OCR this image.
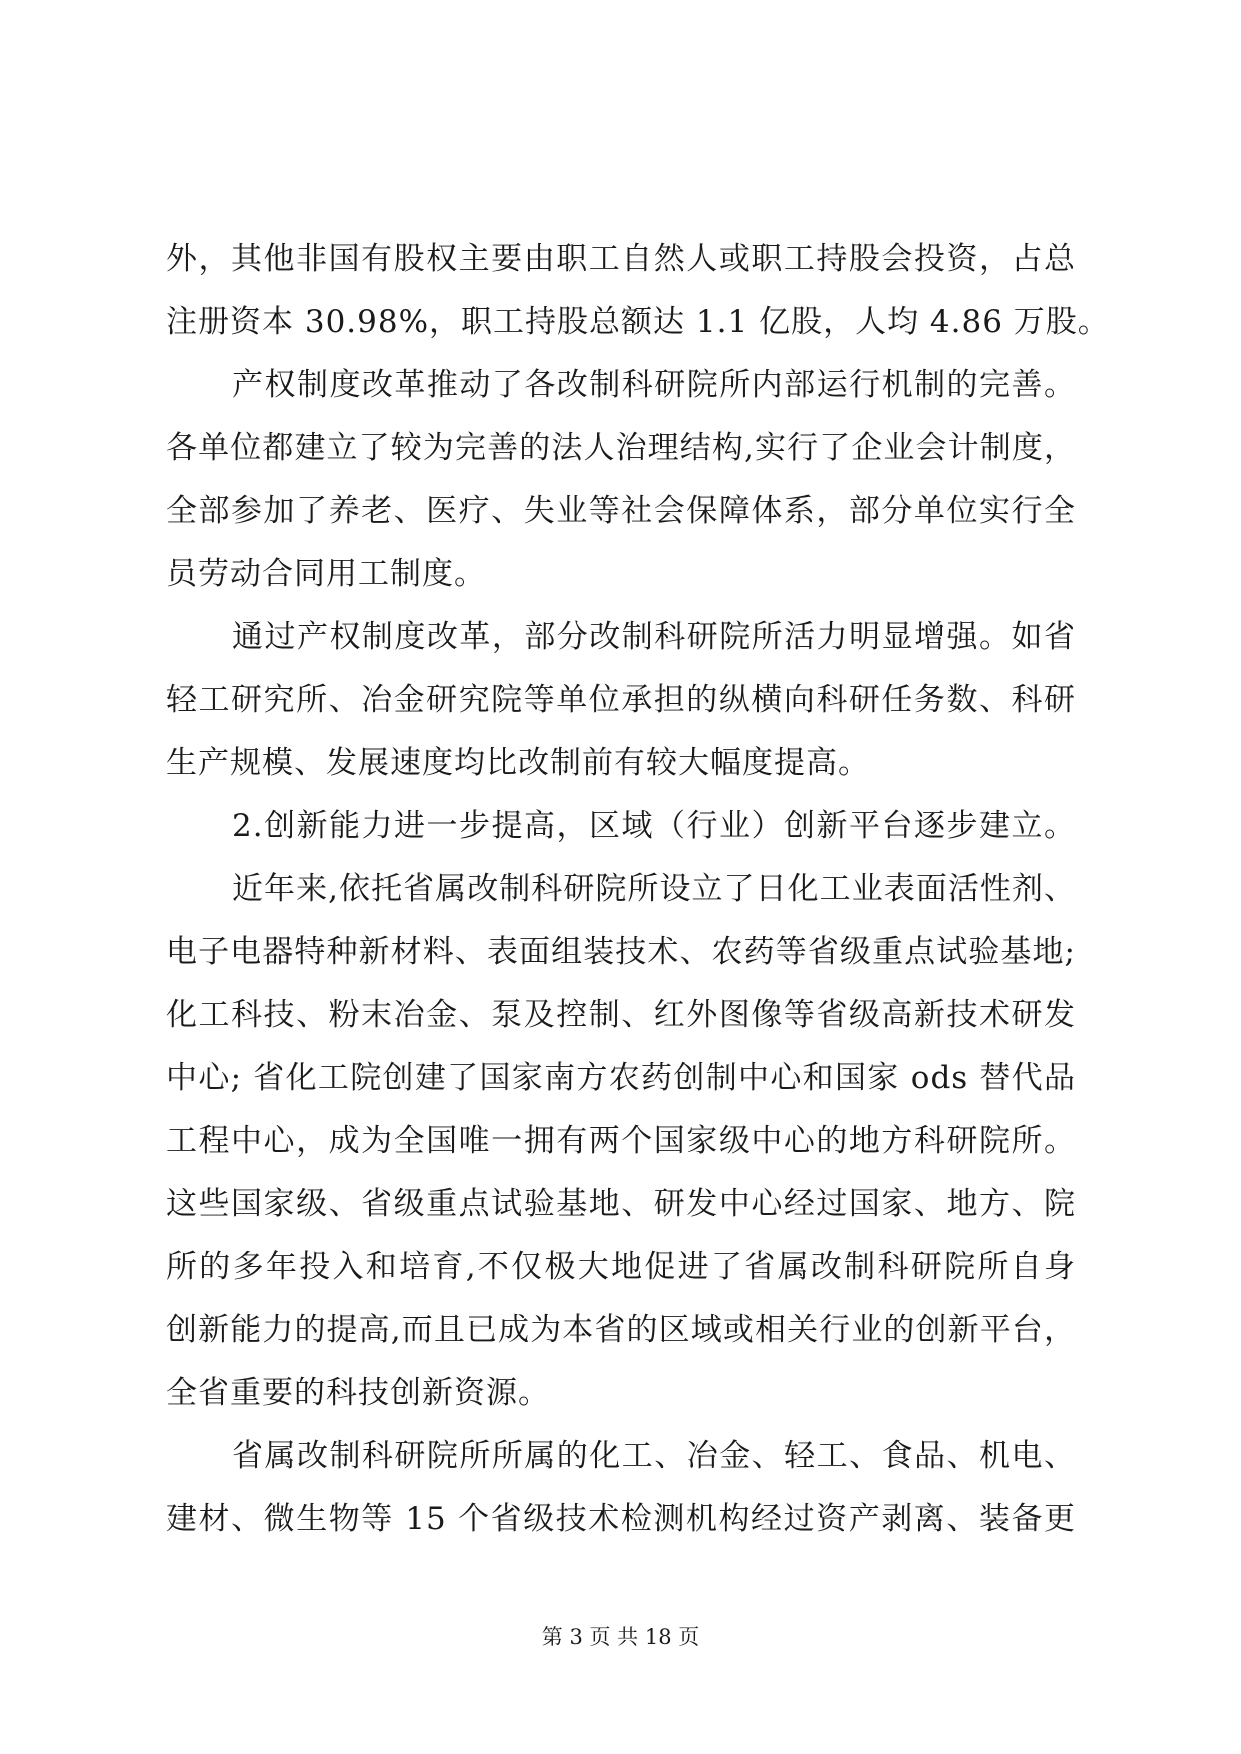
外，其他非国有股权主要由职工自然人或职工持股会投资，占总
注册资本 30.98%，职工持股总额达 1.1 亿股，人均 4.86 万股。
产权制度改革推动了各改制科研院所内部运行机制的完善。
各单位都建立了较为完善的法人治理结构,实行了企业会计制度，
全部参加了养老、医疗、失业等社会保障体系，部分单位实行全
员劳动合同用工制度。
通过产权制度改革，部分改制科研院所活力明显增强。如省
轻工研究所、冶金研究院等单位承担的纵横向科研任务数、科研
生产规模、发展速度均比改制前有较大幅度提高。
2.创新能力进一步提高，区域（行业）创新平台逐步建立。
近年来,依托省属改制科研院所设立了日化工业表面活性剂、
电子电器特种新材料、表面组装技术、农药等省级重点试验基地;
化工科技、粉末冶金、泵及控制、红外图像等省级高新技术研发
中心; 省化工院创建了国家南方农药创制中心和国家 ods 替代品
工程中心，成为全国唯一拥有两个国家级中心的地方科研院所。
这些国家级、省级重点试验基地、研发中心经过国家、地方、院
所的多年投入和培育,不仅极大地促进了省属改制科研院所自身
创新能力的提高,而且已成为本省的区域或相关行业的创新平台，
全省重要的科技创新资源。
省属改制科研院所所属的化工、冶金、轻工、食品、机电、
建材、微生物等 15 个省级技术检测机构经过资产剥离、装备更
第 3 页 共 18 页
